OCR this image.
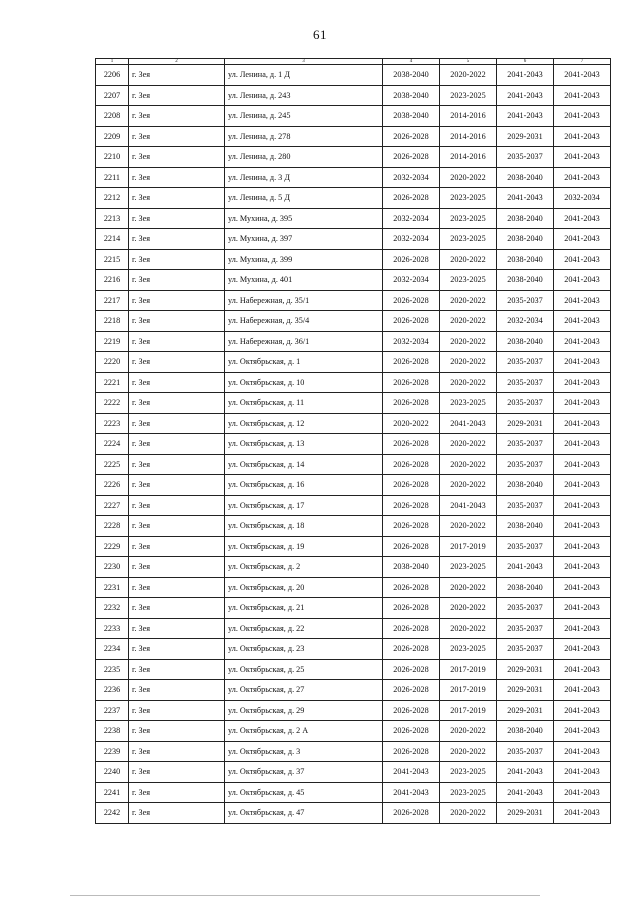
61
1	2	3	4	5	6	7
2206	г. Зея	ул. Ленина, д. 1 Д	2038-2040	2020-2022	2041-2043	2041-2043
2207	г. Зея	ул. Ленина, д. 243	2038-2040	2023-2025	2041-2043	2041-2043
2208	г. Зея	ул. Ленина, д. 245	2038-2040	2014-2016	2041-2043	2041-2043
2209	г. Зея	ул. Ленина, д. 278	2026-2028	2014-2016	2029-2031	2041-2043
2210	г. Зея	ул. Ленина, д. 280	2026-2028	2014-2016	2035-2037	2041-2043
2211	г. Зея	ул. Ленина, д. 3 Д	2032-2034	2020-2022	2038-2040	2041-2043
2212	г. Зея	ул. Ленина, д. 5 Д	2026-2028	2023-2025	2041-2043	2032-2034
2213	г. Зея	ул. Мухина, д. 395	2032-2034	2023-2025	2038-2040	2041-2043
2214	г. Зея	ул. Мухина, д. 397	2032-2034	2023-2025	2038-2040	2041-2043
2215	г. Зея	ул. Мухина, д. 399	2026-2028	2020-2022	2038-2040	2041-2043
2216	г. Зея	ул. Мухина, д. 401	2032-2034	2023-2025	2038-2040	2041-2043
2217	г. Зея	ул. Набережная, д. 35/1	2026-2028	2020-2022	2035-2037	2041-2043
2218	г. Зея	ул. Набережная, д. 35/4	2026-2028	2020-2022	2032-2034	2041-2043
2219	г. Зея	ул. Набережная, д. 36/1	2032-2034	2020-2022	2038-2040	2041-2043
2220	г. Зея	ул. Октябрьская, д. 1	2026-2028	2020-2022	2035-2037	2041-2043
2221	г. Зея	ул. Октябрьская, д. 10	2026-2028	2020-2022	2035-2037	2041-2043
2222	г. Зея	ул. Октябрьская, д. 11	2026-2028	2023-2025	2035-2037	2041-2043
2223	г. Зея	ул. Октябрьская, д. 12	2020-2022	2041-2043	2029-2031	2041-2043
2224	г. Зея	ул. Октябрьская, д. 13	2026-2028	2020-2022	2035-2037	2041-2043
2225	г. Зея	ул. Октябрьская, д. 14	2026-2028	2020-2022	2035-2037	2041-2043
2226	г. Зея	ул. Октябрьская, д. 16	2026-2028	2020-2022	2038-2040	2041-2043
2227	г. Зея	ул. Октябрьская, д. 17	2026-2028	2041-2043	2035-2037	2041-2043
2228	г. Зея	ул. Октябрьская, д. 18	2026-2028	2020-2022	2038-2040	2041-2043
2229	г. Зея	ул. Октябрьская, д. 19	2026-2028	2017-2019	2035-2037	2041-2043
2230	г. Зея	ул. Октябрьская, д. 2	2038-2040	2023-2025	2041-2043	2041-2043
2231	г. Зея	ул. Октябрьская, д. 20	2026-2028	2020-2022	2038-2040	2041-2043
2232	г. Зея	ул. Октябрьская, д. 21	2026-2028	2020-2022	2035-2037	2041-2043
2233	г. Зея	ул. Октябрьская, д. 22	2026-2028	2020-2022	2035-2037	2041-2043
2234	г. Зея	ул. Октябрьская, д. 23	2026-2028	2023-2025	2035-2037	2041-2043
2235	г. Зея	ул. Октябрьская, д. 25	2026-2028	2017-2019	2029-2031	2041-2043
2236	г. Зея	ул. Октябрьская, д. 27	2026-2028	2017-2019	2029-2031	2041-2043
2237	г. Зея	ул. Октябрьская, д. 29	2026-2028	2017-2019	2029-2031	2041-2043
2238	г. Зея	ул. Октябрьская, д. 2 А	2026-2028	2020-2022	2038-2040	2041-2043
2239	г. Зея	ул. Октябрьская, д. 3	2026-2028	2020-2022	2035-2037	2041-2043
2240	г. Зея	ул. Октябрьская, д. 37	2041-2043	2023-2025	2041-2043	2041-2043
2241	г. Зея	ул. Октябрьская, д. 45	2041-2043	2023-2025	2041-2043	2041-2043
2242	г. Зея	ул. Октябрьская, д. 47	2026-2028	2020-2022	2029-2031	2041-2043
